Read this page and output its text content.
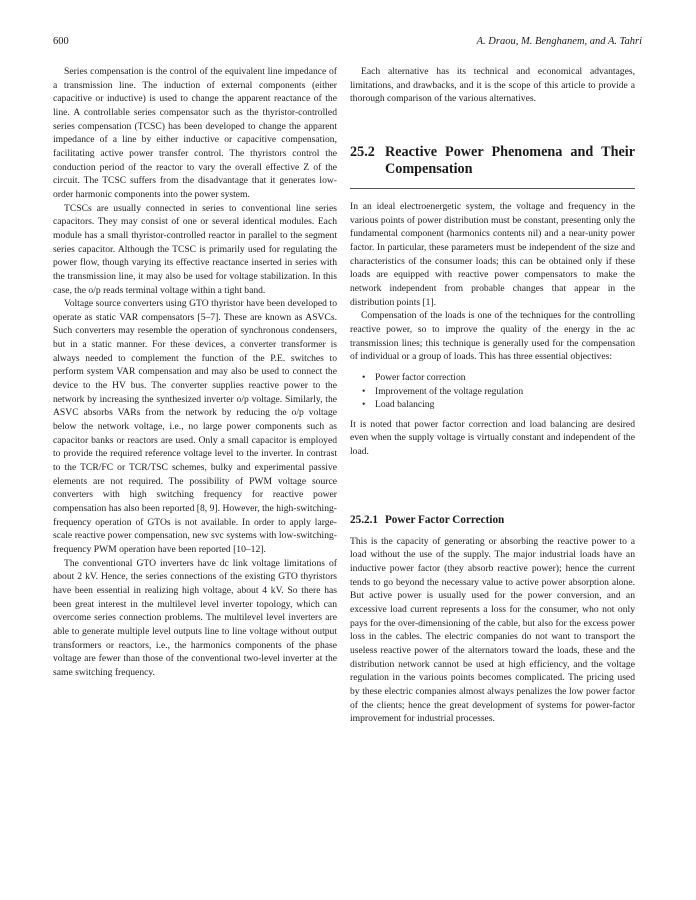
600	A. Draou, M. Benghanem, and A. Tahri

Series compensation is the control of the equivalent line impedance of a transmission line. The induction of external components (either capacitive or inductive) is used to change the apparent reactance of the line. A controllable series compensator such as the thyristor-controlled series compensation (TCSC) has been developed to change the apparent impedance of a line by either inductive or capacitive compensation, facilitating active power transfer control. The thyristors control the conduction period of the reactor to vary the overall effective Z of the circuit. The TCSC suffers from the disadvantage that it generates low-order harmonic components into the power system.

TCSCs are usually connected in series to conventional line series capacitors. They may consist of one or several identical modules. Each module has a small thyristor-controlled reactor in parallel to the segment series capacitor. Although the TCSC is primarily used for regulating the power flow, though varying its effective reactance inserted in series with the transmission line, it may also be used for voltage stabilization. In this case, the o/p reads terminal voltage within a tight band.

Voltage source converters using GTO thyristor have been developed to operate as static VAR compensators [5–7]. These are known as ASVCs. Such converters may resemble the operation of synchronous condensers, but in a static manner. For these devices, a converter transformer is always needed to complement the function of the P.E. switches to perform system VAR compensation and may also be used to connect the device to the HV bus. The converter supplies reactive power to the network by increasing the synthesized inverter o/p voltage. Similarly, the ASVC absorbs VARs from the network by reducing the o/p voltage below the network voltage, i.e., no large power components such as capacitor banks or reactors are used. Only a small capacitor is employed to provide the required reference voltage level to the inverter. In contrast to the TCR/FC or TCR/TSC schemes, bulky and experimental passive elements are not required. The possibility of PWM voltage source converters with high switching frequency for reactive power compensation has also been reported [8, 9]. However, the high-switching-frequency operation of GTOs is not available. In order to apply large-scale reactive power compensation, new svc systems with low-switching-frequency PWM operation have been reported [10–12].

The conventional GTO inverters have dc link voltage limitations of about 2 kV. Hence, the series connections of the existing GTO thyristors have been essential in realizing high voltage, about 4 kV. So there has been great interest in the multilevel level inverter topology, which can overcome series connection problems. The multilevel level inverters are able to generate multiple level outputs line to line voltage without output transformers or reactors, i.e., the harmonics components of the phase voltage are fewer than those of the conventional two-level inverter at the same switching frequency.

Each alternative has its technical and economical advantages, limitations, and drawbacks, and it is the scope of this article to provide a thorough comparison of the various alternatives.

25.2 Reactive Power Phenomena and Their Compensation

In an ideal electroenergetic system, the voltage and frequency in the various points of power distribution must be constant, presenting only the fundamental component (harmonics contents nil) and a near-unity power factor. In particular, these parameters must be independent of the size and characteristics of the consumer loads; this can be obtained only if these loads are equipped with reactive power compensators to make the network independent from probable changes that appear in the distribution points [1].

Compensation of the loads is one of the techniques for the controlling reactive power, so to improve the quality of the energy in the ac transmission lines; this technique is generally used for the compensation of individual or a group of loads. This has three essential objectives:

• Power factor correction
• Improvement of the voltage regulation
• Load balancing

It is noted that power factor correction and load balancing are desired even when the supply voltage is virtually constant and independent of the load.

25.2.1 Power Factor Correction

This is the capacity of generating or absorbing the reactive power to a load without the use of the supply. The major industrial loads have an inductive power factor (they absorb reactive power); hence the current tends to go beyond the necessary value to active power absorption alone. But active power is usually used for the power conversion, and an excessive load current represents a loss for the consumer, who not only pays for the over-dimensioning of the cable, but also for the excess power loss in the cables. The electric companies do not want to transport the useless reactive power of the alternators toward the loads, these and the distribution network cannot be used at high efficiency, and the voltage regulation in the various points becomes complicated. The pricing used by these electric companies almost always penalizes the low power factor of the clients; hence the great development of systems for power-factor improvement for industrial processes.
